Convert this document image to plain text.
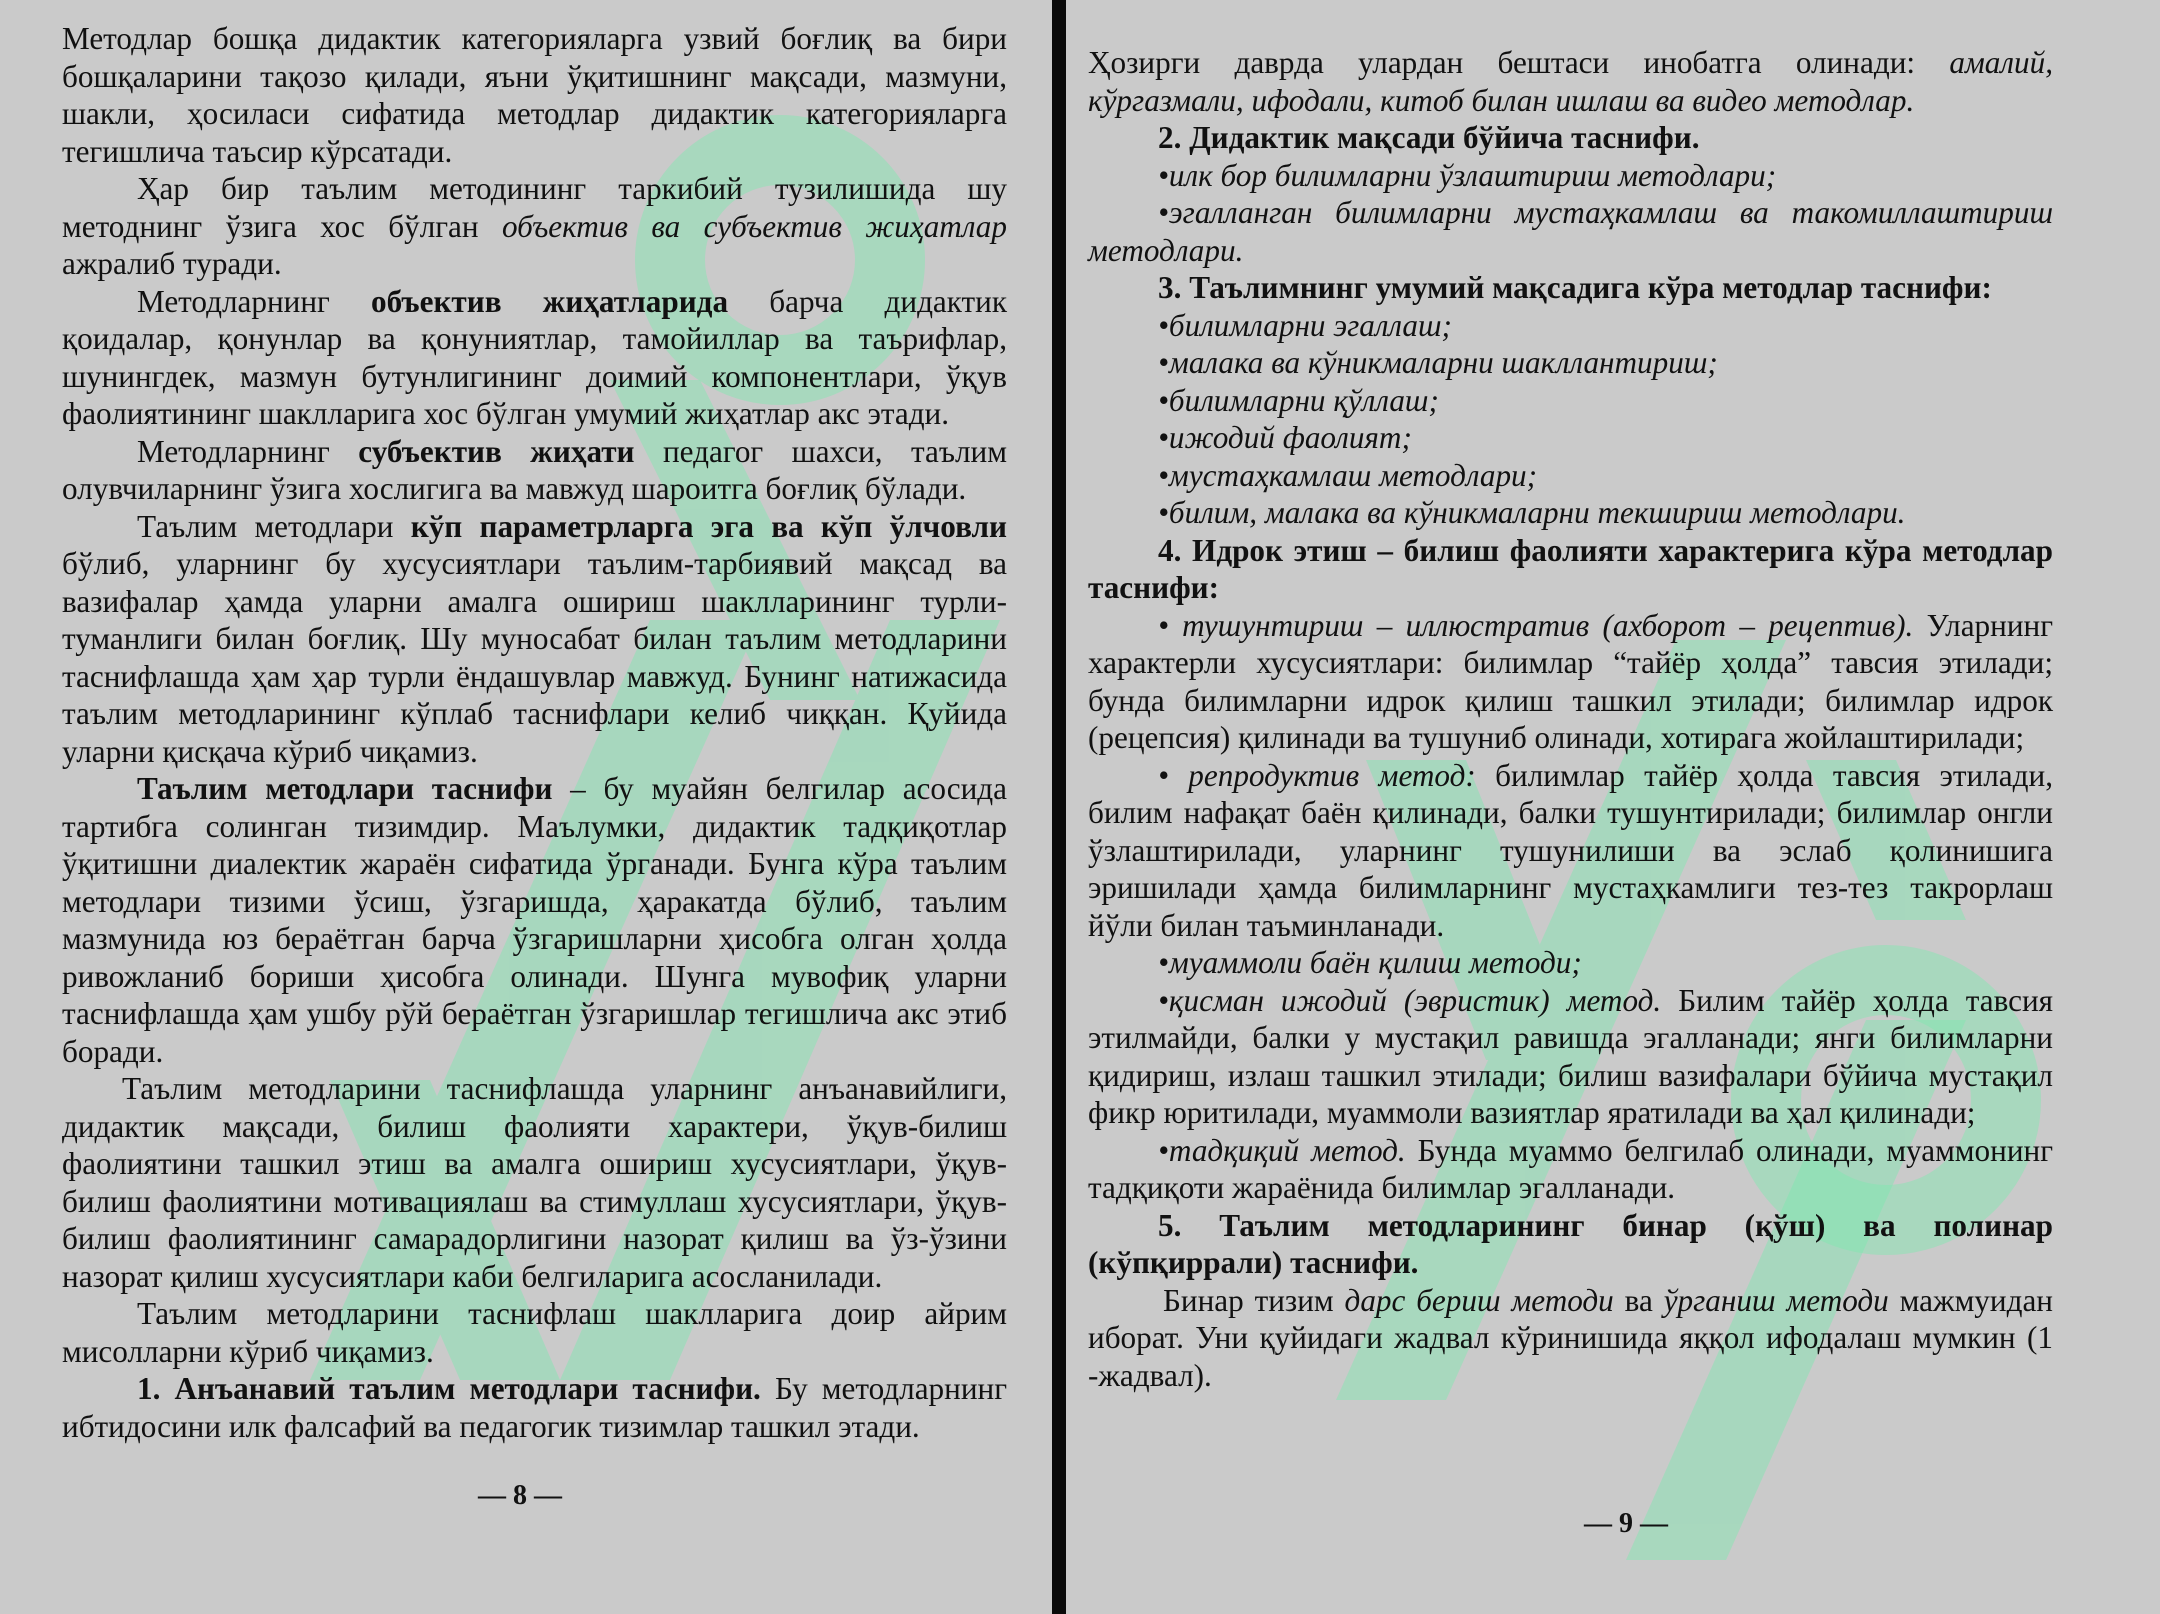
Методлар бошқа дидактик категорияларга узвий боғлиқ ва бири бошқаларини тақозо қилади, яъни ўқитишнинг мақсади, мазмуни, шакли, ҳосиласи сифатида методлар дидактик категорияларга тегишлича таъсир кўрсатади.

Ҳар бир таълим методининг таркибий тузилишида шу методнинг ўзига хос бўлган объектив ва субъектив жиҳатлар ажралиб туради.

Методларнинг объектив жиҳатларида барча дидактик қоидалар, қонунлар ва қонуниятлар, тамойиллар ва таърифлар, шунингдек, мазмун бутунлигининг доимий компонентлари, ўқув фаолиятининг шаклларига хос бўлган умумий жиҳатлар акс этади.

Методларнинг субъектив жиҳати педагог шахси, таълим олувчиларнинг ўзига хослигига ва мавжуд шароитга боғлиқ бўлади.

Таълим методлари кўп параметрларга эга ва кўп ўлчовли бўлиб, уларнинг бу хусусиятлари таълим-тарбиявий мақсад ва вазифалар ҳамда уларни амалга ошириш шаклларининг турли-туманлиги билан боғлиқ. Шу муносабат билан таълим методларини таснифлашда ҳам ҳар турли ёндашувлар мавжуд. Бунинг натижасида таълим методларининг кўплаб таснифлари келиб чиққан. Қуйида уларни қисқача кўриб чиқамиз.

Таълим методлари таснифи – бу муайян белгилар асосида тартибга солинган тизимдир. Маълумки, дидактик тадқиқотлар ўқитишни диалектик жараён сифатида ўрганади. Бунга кўра таълим методлари тизими ўсиш, ўзгаришда, ҳаракатда бўлиб, таълим мазмунида юз бераётган барча ўзгаришларни ҳисобга олган ҳолда ривожланиб бориши ҳисобга олинади. Шунга мувофиқ уларни таснифлашда ҳам ушбу рўй бераётган ўзгаришлар тегишлича акс этиб боради.

Таълим методларини таснифлашда уларнинг анъанавийлиги, дидактик мақсади, билиш фаолияти характери, ўқув-билиш фаолиятини ташкил этиш ва амалга ошириш хусусиятлари, ўқув-билиш фаолиятини мотивациялаш ва стимуллаш хусусиятлари, ўқув-билиш фаолиятининг самарадорлигини назорат қилиш ва ўз-ўзини назорат қилиш хусусиятлари каби белгиларига асосланилади.

Таълим методларини таснифлаш шаклларига доир айрим мисолларни кўриб чиқамиз.

1. Анъанавий таълим методлари таснифи. Бу методларнинг ибтидосини илк фалсафий ва педагогик тизимлар ташкил этади.

— 8 —

Ҳозирги даврда улардан бештаси инобатга олинади: амалий, кўргазмали, ифодали, китоб билан ишлаш ва видео методлар.

2. Дидактик мақсади бўйича таснифи.

•илк бор билимларни ўзлаштириш методлари;

•эгалланган билимларни мустаҳкамлаш ва такомиллаштириш методлари.

3. Таълимнинг умумий мақсадига кўра методлар таснифи:

•билимларни эгаллаш;

•малака ва кўникмаларни шакллантириш;

•билимларни қўллаш;

•ижодий фаолият;

•мустаҳкамлаш методлари;

•билим, малака ва кўникмаларни текшириш методлари.

4. Идрок этиш – билиш фаолияти характерига кўра методлар таснифи:

• тушунтириш – иллюстратив (ахборот – рецептив). Уларнинг характерли хусусиятлари: билимлар “тайёр ҳолда” тавсия этилади; бунда билимларни идрок қилиш ташкил этилади; билимлар идрок (рецепсия) қилинади ва тушуниб олинади, хотирага жойлаштирилади;

• репродуктив метод: билимлар тайёр ҳолда тавсия этилади, билим нафақат баён қилинади, балки тушунтирилади; билимлар онгли ўзлаштирилади, уларнинг тушунилиши ва эслаб қолинишига эришилади ҳамда билимларнинг мустаҳкамлиги тез-тез такрорлаш йўли билан таъминланади.

•муаммоли баён қилиш методи;

•қисман ижодий (эвристик) метод. Билим тайёр ҳолда тавсия этилмайди, балки у мустақил равишда эгалланади; янги билимларни қидириш, излаш ташкил этилади; билиш вазифалари бўйича мустақил фикр юритилади, муаммоли вазиятлар яратилади ва ҳал қилинади;

•тадқиқий метод. Бунда муаммо белгилаб олинади, муаммонинг тадқиқоти жараёнида билимлар эгалланади.

5. Таълим методларининг бинар (қўш) ва полинар (кўпқиррали) таснифи.

Бинар тизим дарс бериш методи ва ўрганиш методи мажмуидан иборат. Уни қуйидаги жадвал кўринишида яққол ифодалаш мумкин (1 -жадвал).

— 9 —
